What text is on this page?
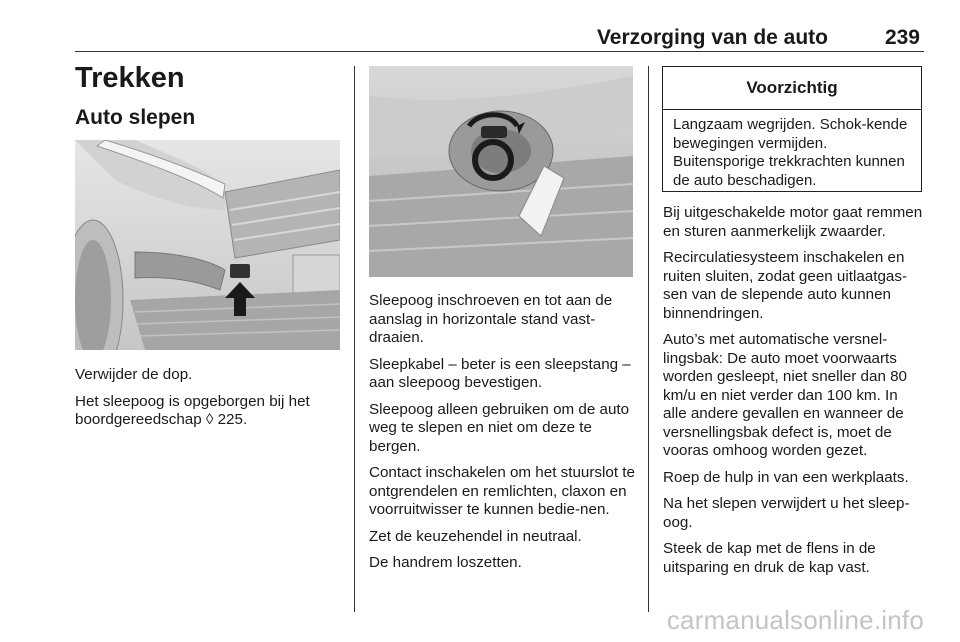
Verzorging van de auto	239
Trekken
Auto slepen

Verwijder de dop.

Het sleepoog is opgeborgen bij het boordgereedschap ◊ 225.

Sleepoog inschroeven en tot aan de aanslag in horizontale stand vast-draaien.

Sleepkabel – beter is een sleepstang – aan sleepoog bevestigen.

Sleepoog alleen gebruiken om de auto weg te slepen en niet om deze te bergen.

Contact inschakelen om het stuurslot te ontgrendelen en remlichten, claxon en voorruitwisser te kunnen bedie-nen.

Zet de keuzehendel in neutraal.

De handrem loszetten.

Voorzichtig
Langzaam wegrijden. Schok-kende bewegingen vermijden. Buitensporige trekkrachten kunnen de auto beschadigen.

Bij uitgeschakelde motor gaat remmen en sturen aanmerkelijk zwaarder.

Recirculatiesysteem inschakelen en ruiten sluiten, zodat geen uitlaatgas-sen van de slepende auto kunnen binnendringen.

Auto’s met automatische versnel-lingsbak: De auto moet voorwaarts worden gesleept, niet sneller dan 80 km/u en niet verder dan 100 km. In alle andere gevallen en wanneer de versnellingsbak defect is, moet de vooras omhoog worden gezet.

Roep de hulp in van een werkplaats.

Na het slepen verwijdert u het sleep-oog.

Steek de kap met de flens in de uitsparing en druk de kap vast.

carmanualsonline.info
